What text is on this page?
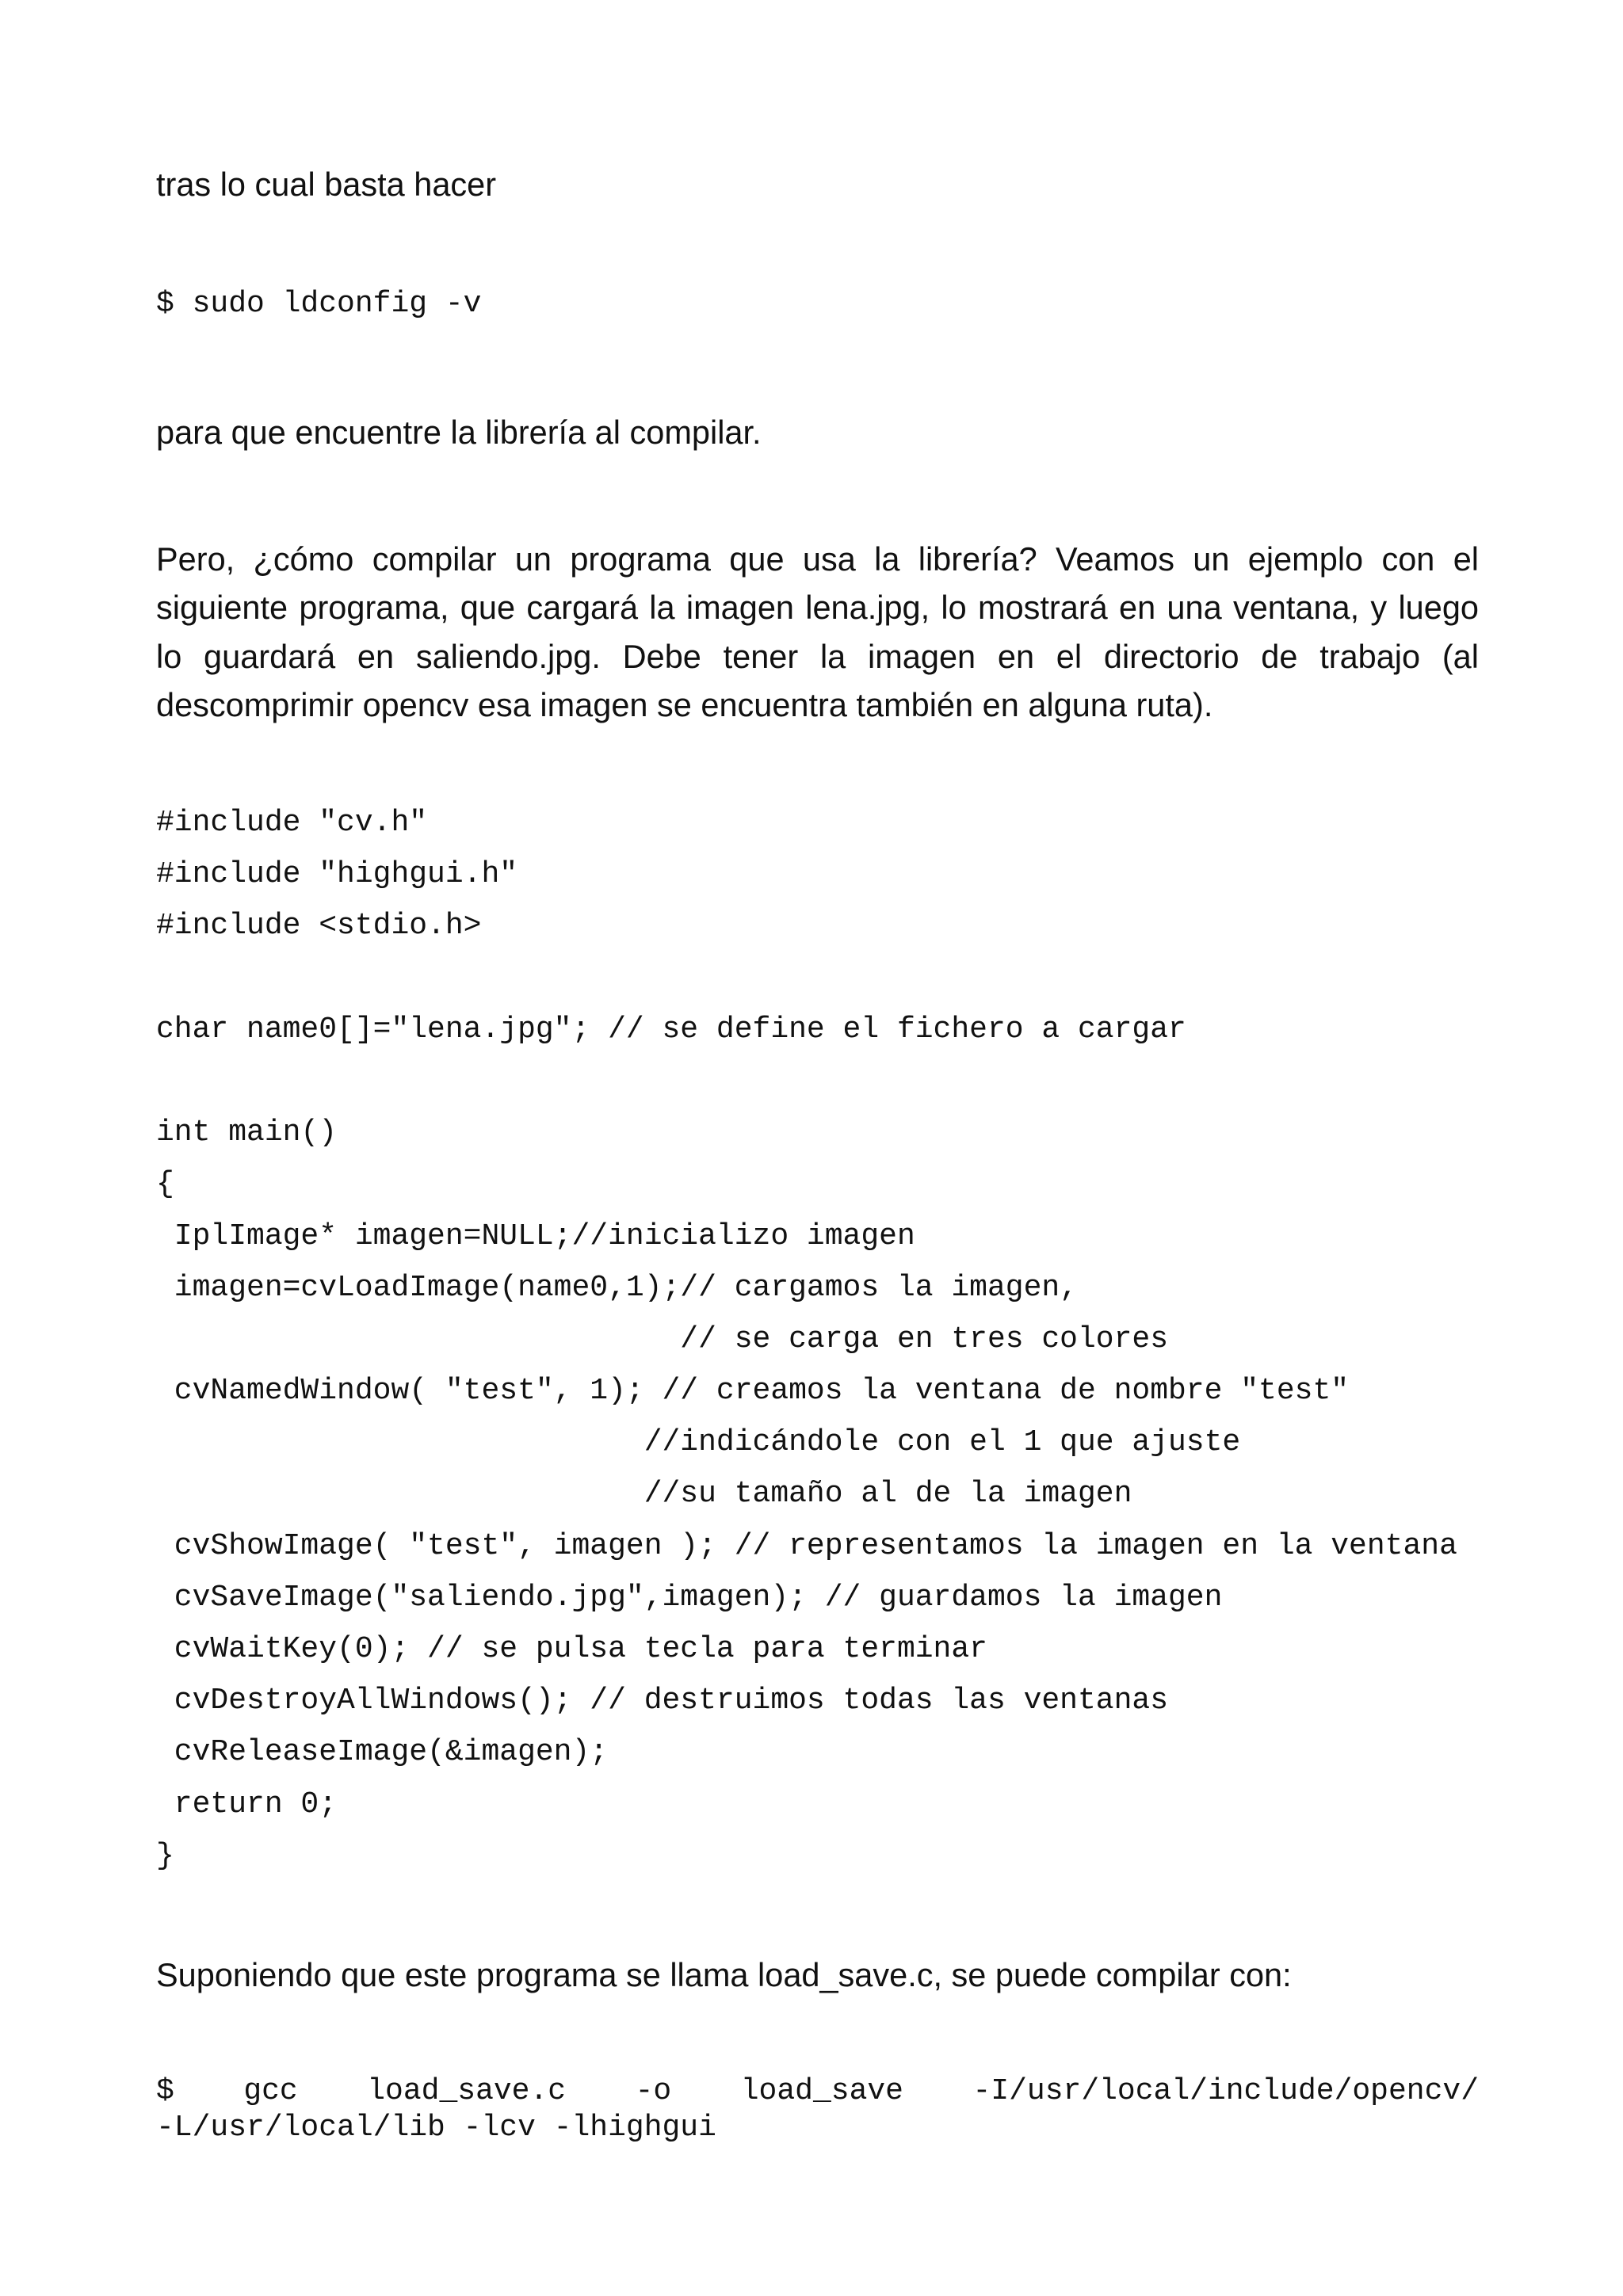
tras lo cual basta hacer

$ sudo ldconfig -v

para que encuentre la librería al compilar.

Pero, ¿cómo compilar un programa que usa la librería? Veamos un ejemplo con el
siguiente programa, que cargará la imagen lena.jpg, lo mostrará en una ventana, y luego
lo guardará en saliendo.jpg. Debe tener la imagen en el directorio de trabajo (al
descomprimir opencv esa imagen se encuentra también en alguna ruta).
#include "cv.h"
#include "highgui.h"
#include <stdio.h>
char name0[]="lena.jpg"; // se define el fichero a cargar
int main()
{
IplImage* imagen=NULL;//inicializo imagen
imagen=cvLoadImage(name0,1);// cargamos la imagen,
// se carga en tres colores
cvNamedWindow( "test", 1); // creamos la ventana de nombre "test"
//indicándole con el 1 que ajuste
//su tamaño al de la imagen
cvShowImage( "test", imagen ); // representamos la imagen en la ventana
cvSaveImage("saliendo.jpg",imagen); // guardamos la imagen
cvWaitKey(0); // se pulsa tecla para terminar
cvDestroyAllWindows(); // destruimos todas las ventanas
cvReleaseImage(&imagen);
return 0;
}

Suponiendo que este programa se llama load_save.c, se puede compilar con:

$ gcc load_save.c -o load_save -I/usr/local/include/opencv/
-L/usr/local/lib -lcv -lhighgui
